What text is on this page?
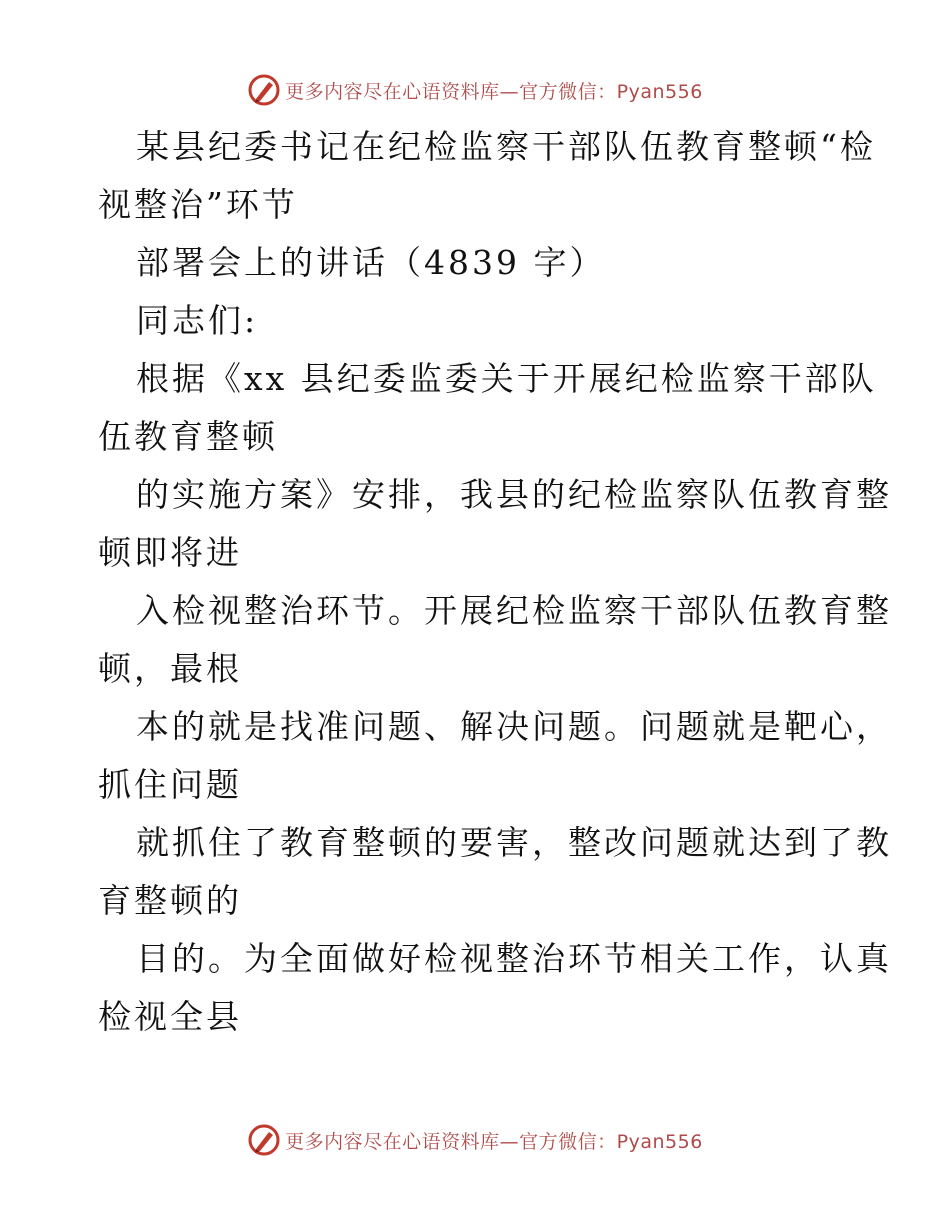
更多内容尽在心语资料库—官方微信：Pyan556
某县纪委书记在纪检监察干部队伍教育整顿“检
视整治”环节
部署会上的讲话（4839 字）
同志们:
根据《xx 县纪委监委关于开展纪检监察干部队
伍教育整顿
的实施方案》安排，我县的纪检监察队伍教育整
顿即将进
入检视整治环节。开展纪检监察干部队伍教育整
顿，最根
本的就是找准问题、解决问题。问题就是靶心，
抓住问题
就抓住了教育整顿的要害，整改问题就达到了教
育整顿的
目的。为全面做好检视整治环节相关工作，认真
检视全县
更多内容尽在心语资料库—官方微信：Pyan556
